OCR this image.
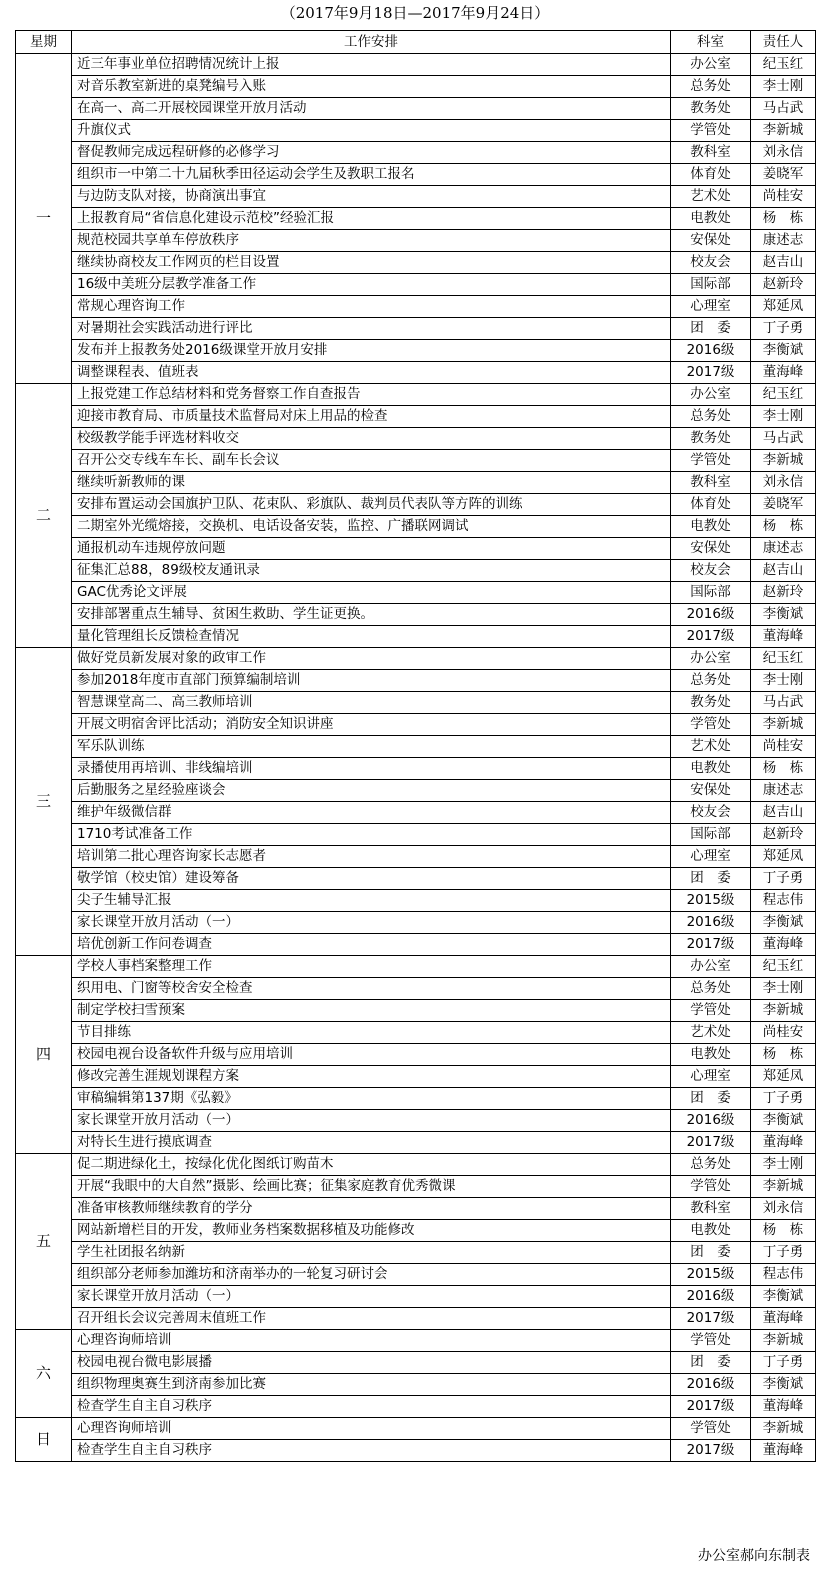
（2017年9月18日—2017年9月24日）
星期	工作安排	科室	责任人
一	近三年事业单位招聘情况统计上报	办公室	纪玉红
	对音乐教室新进的桌凳编号入账	总务处	李士刚
	在高一、高二开展校园课堂开放月活动	教务处	马占武
	升旗仪式	学管处	李新城
	督促教师完成远程研修的必修学习	教科室	刘永信
	组织市一中第二十九届秋季田径运动会学生及教职工报名	体育处	姜晓军
	与边防支队对接，协商演出事宜	艺术处	尚桂安
	上报教育局“省信息化建设示范校”经验汇报	电教处	杨　栋
	规范校园共享单车停放秩序	安保处	康述志
	继续协商校友工作网页的栏目设置	校友会	赵吉山
	16级中美班分层教学准备工作	国际部	赵新玲
	常规心理咨询工作	心理室	郑延凤
	对暑期社会实践活动进行评比	团　委	丁子勇
	发布并上报教务处2016级课堂开放月安排	2016级	李衡斌
	调整课程表、值班表	2017级	董海峰
二	上报党建工作总结材料和党务督察工作自查报告	办公室	纪玉红
	迎接市教育局、市质量技术监督局对床上用品的检查	总务处	李士刚
	校级教学能手评选材料收交	教务处	马占武
	召开公交专线车车长、副车长会议	学管处	李新城
	继续听新教师的课	教科室	刘永信
	安排布置运动会国旗护卫队、花束队、彩旗队、裁判员代表队等方阵的训练	体育处	姜晓军
	二期室外光缆熔接，交换机、电话设备安装，监控、广播联网调试	电教处	杨　栋
	通报机动车违规停放问题	安保处	康述志
	征集汇总88，89级校友通讯录	校友会	赵吉山
	GAC优秀论文评展	国际部	赵新玲
	安排部署重点生辅导、贫困生救助、学生证更换。	2016级	李衡斌
	量化管理组长反馈检查情况	2017级	董海峰
三	做好党员新发展对象的政审工作	办公室	纪玉红
	参加2018年度市直部门预算编制培训	总务处	李士刚
	智慧课堂高二、高三教师培训	教务处	马占武
	开展文明宿舍评比活动；消防安全知识讲座	学管处	李新城
	军乐队训练	艺术处	尚桂安
	录播使用再培训、非线编培训	电教处	杨　栋
	后勤服务之星经验座谈会	安保处	康述志
	维护年级微信群	校友会	赵吉山
	1710考试准备工作	国际部	赵新玲
	培训第二批心理咨询家长志愿者	心理室	郑延凤
	敬学馆（校史馆）建设筹备	团　委	丁子勇
	尖子生辅导汇报	2015级	程志伟
	家长课堂开放月活动（一）	2016级	李衡斌
	培优创新工作问卷调查	2017级	董海峰
四	学校人事档案整理工作	办公室	纪玉红
	织用电、门窗等校舍安全检查	总务处	李士刚
	制定学校扫雪预案	学管处	李新城
	节目排练	艺术处	尚桂安
	校园电视台设备软件升级与应用培训	电教处	杨　栋
	修改完善生涯规划课程方案	心理室	郑延凤
	审稿编辑第137期《弘毅》	团　委	丁子勇
	家长课堂开放月活动（一）	2016级	李衡斌
	对特长生进行摸底调查	2017级	董海峰
五	促二期进绿化土，按绿化优化图纸订购苗木	总务处	李士刚
	开展“我眼中的大自然”摄影、绘画比赛；征集家庭教育优秀微课	学管处	李新城
	准备审核教师继续教育的学分	教科室	刘永信
	网站新增栏目的开发，教师业务档案数据移植及功能修改	电教处	杨　栋
	学生社团报名纳新	团　委	丁子勇
	组织部分老师参加潍坊和济南举办的一轮复习研讨会	2015级	程志伟
	家长课堂开放月活动（一）	2016级	李衡斌
	召开组长会议完善周末值班工作	2017级	董海峰
六	心理咨询师培训	学管处	李新城
	校园电视台微电影展播	团　委	丁子勇
	组织物理奥赛生到济南参加比赛	2016级	李衡斌
	检查学生自主自习秩序	2017级	董海峰
日	心理咨询师培训	学管处	李新城
	检查学生自主自习秩序	2017级	董海峰
办公室郝向东制表
